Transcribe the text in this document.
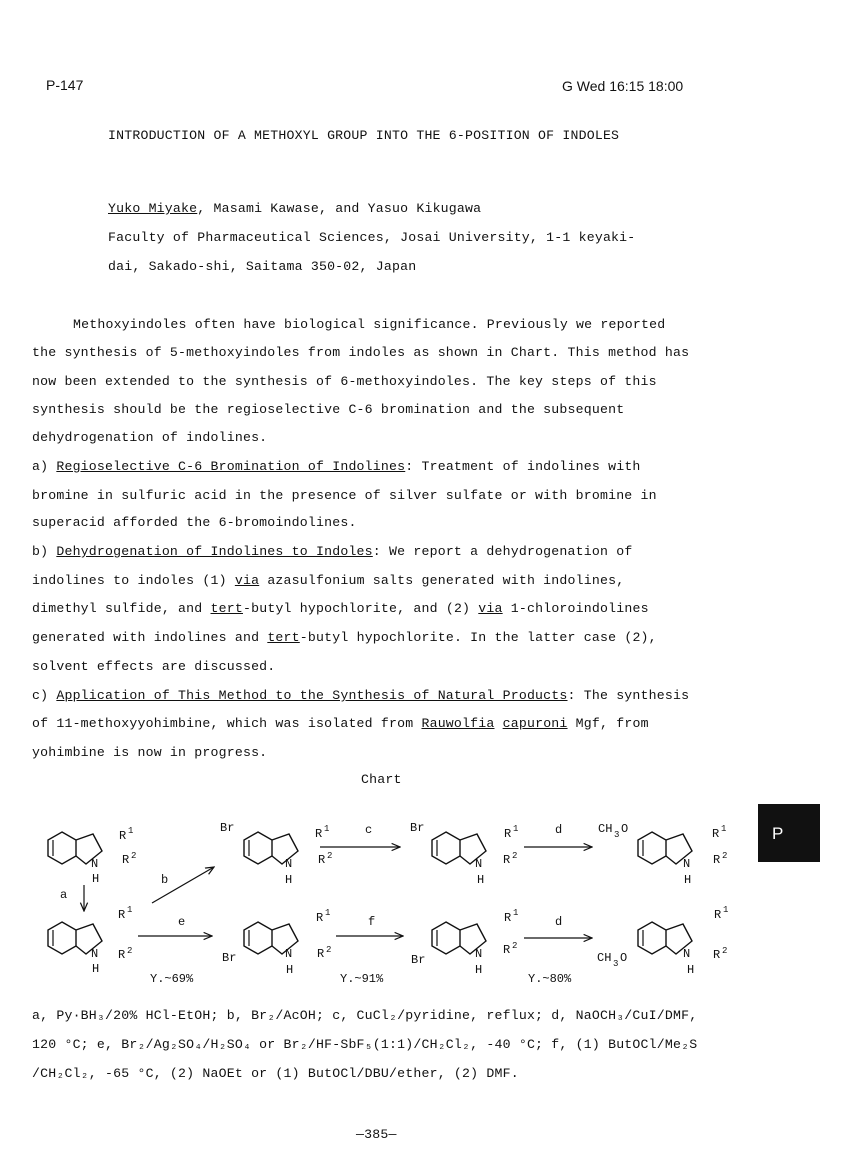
P-147	G Wed 16:15 18:00
INTRODUCTION OF A METHOXYL GROUP INTO THE 6-POSITION OF INDOLES
Yuko Miyake, Masami Kawase, and Yasuo Kikugawa
Faculty of Pharmaceutical Sciences, Josai University, 1-1 keyaki-
dai, Sakado-shi, Saitama 350-02, Japan
Methoxyindoles often have biological significance. Previously we reported
the synthesis of 5-methoxyindoles from indoles as shown in Chart. This method has
now been extended to the synthesis of 6-methoxyindoles. The key steps of this
synthesis should be the regioselective C-6 bromination and the subsequent
dehydrogenation of indolines.
a) Regioselective C-6 Bromination of Indolines: Treatment of indolines with
bromine in sulfuric acid in the presence of silver sulfate or with bromine in
superacid afforded the 6-bromoindolines.
b) Dehydrogenation of Indolines to Indoles: We report a dehydrogenation of
indolines to indoles (1) via azasulfonium salts generated with indolines,
dimethyl sulfide, and tert-butyl hypochlorite, and (2) via 1-chloroindolines
generated with indolines and tert-butyl hypochlorite. In the latter case (2),
solvent effects are discussed.
c) Application of This Method to the Synthesis of Natural Products: The synthesis
of 11-methoxyyohimbine, which was isolated from Rauwolfia capuroni Mgf, from
yohimbine is now in progress.
Chart
R 1
N R 2
H
Br	R 1
N R 2
H
c	Br	R 1
N R 2
H
d	CH 3 O	R 1
N R 2
H
a
b
R 1
N R 2
H
e
Y.~69%
Br
R 1
N R 2
H
f
Y.~91%
Br
R 1
N R 2
H
d
Y.~80%
CH 3 O
R 1
N R 2
H
a, Py·BH₃/20% HCl-EtOH; b, Br₂/AcOH; c, CuCl₂/pyridine, reflux; d, NaOCH₃/CuI/DMF,
120 °C; e, Br₂/Ag₂SO₄/H₂SO₄ or Br₂/HF-SbF₅(1:1)/CH₂Cl₂, -40 °C; f, (1) ButOCl/Me₂S
/CH₂Cl₂, -65 °C, (2) NaOEt or (1) ButOCl/DBU/ether, (2) DMF.
—385—
P
